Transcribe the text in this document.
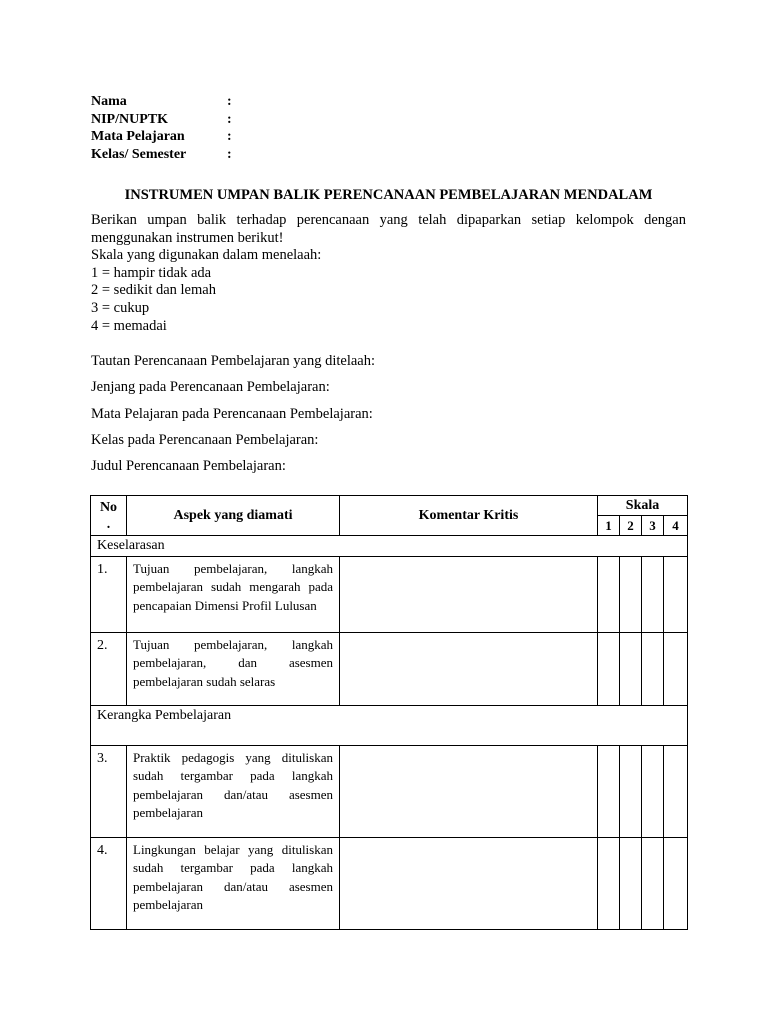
Nama	:
NIP/NUPTK	:
Mata Pelajaran	:
Kelas/ Semester	:
INSTRUMEN UMPAN BALIK PERENCANAAN PEMBELAJARAN MENDALAM
Berikan umpan balik terhadap perencanaan yang telah dipaparkan setiap kelompok dengan menggunakan instrumen berikut!
Skala yang digunakan dalam menelaah:
1 = hampir tidak ada
2 = sedikit dan lemah
3 = cukup
4 = memadai
Tautan Perencanaan Pembelajaran yang ditelaah:
Jenjang pada Perencanaan Pembelajaran:
Mata Pelajaran pada Perencanaan Pembelajaran:
Kelas pada Perencanaan Pembelajaran:
Judul Perencanaan Pembelajaran:
No
.	Aspek yang diamati	Komentar Kritis	Skala			
			1	2	3	4
Keselarasan						
1.	Tujuan pembelajaran, langkah pembelajaran sudah mengarah pada pencapaian Dimensi Profil Lulusan					
2.	Tujuan pembelajaran, langkah pembelajaran, dan asesmen pembelajaran sudah selaras					
Kerangka Pembelajaran						
3.	Praktik pedagogis yang dituliskan sudah tergambar pada langkah pembelajaran dan/atau asesmen pembelajaran					
4.	Lingkungan belajar yang dituliskan sudah tergambar pada langkah pembelajaran dan/atau asesmen pembelajaran					
